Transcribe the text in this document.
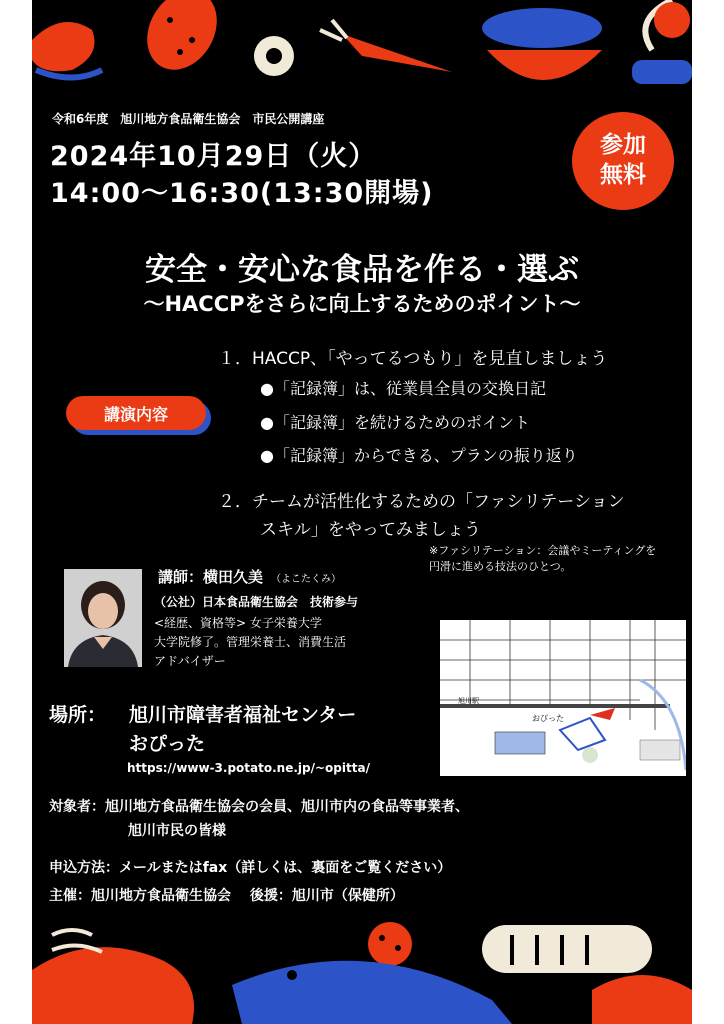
令和6年度　旭川地方食品衛生協会　市民公開講座
2024年10月29日（火）
14:00〜16:30(13:30開場)
参加
無料
安全・安心な食品を作る・選ぶ
〜HACCPをさらに向上するためのポイント〜
講演内容
１．HACCP、「やってるつもり」を見直しましょう
●「記録簿」は、従業員全員の交換日記
●「記録簿」を続けるためのポイント
●「記録簿」からできる、プランの振り返り
２．チームが活性化するための「ファシリテーション
スキル」をやってみましょう
※ファシリテーション：会議やミーティングを
円滑に進める技法のひとつ。
講師：横田久美 （よこたくみ）
（公社）日本食品衛生協会　技術参与
<経歴、資格等> 女子栄養大学
大学院修了。管理栄養士、消費生活
アドバイザー
旭川駅
おぴった
場所： 旭川市障害者福祉センター
おぴった
https://www-3.potato.ne.jp/~opitta/
対象者：旭川地方食品衛生協会の会員、旭川市内の食品等事業者、
旭川市民の皆様
申込方法：メールまたはfax（詳しくは、裏面をご覧ください）
主催：旭川地方食品衛生協会　 後援：旭川市（保健所）
